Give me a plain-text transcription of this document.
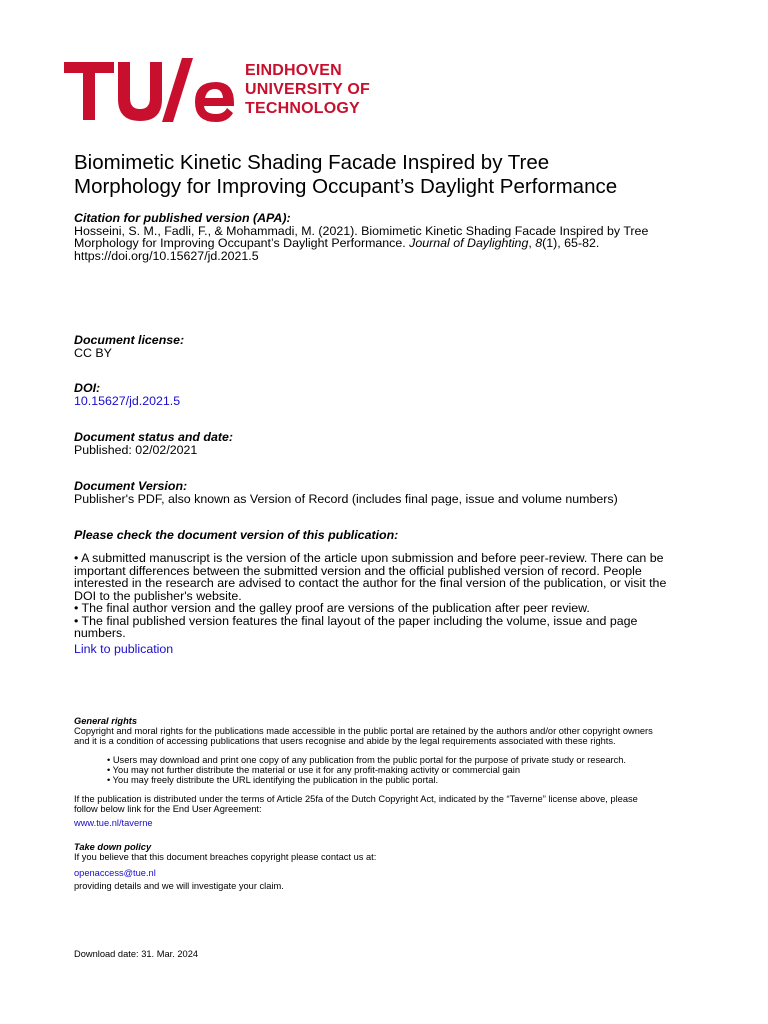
EINDHOVEN
UNIVERSITY OF
TECHNOLOGY
Biomimetic Kinetic Shading Facade Inspired by Tree
Morphology for Improving Occupant’s Daylight Performance
Citation for published version (APA):
Hosseini, S. M., Fadli, F., & Mohammadi, M. (2021). Biomimetic Kinetic Shading Facade Inspired by Tree
Morphology for Improving Occupant’s Daylight Performance. Journal of Daylighting, 8(1), 65-82.
https://doi.org/10.15627/jd.2021.5
Document license:
CC BY
DOI:
10.15627/jd.2021.5
Document status and date:
Published: 02/02/2021
Document Version:
Publisher's PDF, also known as Version of Record (includes final page, issue and volume numbers)
Please check the document version of this publication:
• A submitted manuscript is the version of the article upon submission and before peer-review. There can be
important differences between the submitted version and the official published version of record. People
interested in the research are advised to contact the author for the final version of the publication, or visit the
DOI to the publisher's website.
• The final author version and the galley proof are versions of the publication after peer review.
• The final published version features the final layout of the paper including the volume, issue and page
numbers.
Link to publication
General rights
Copyright and moral rights for the publications made accessible in the public portal are retained by the authors and/or other copyright owners
and it is a condition of accessing publications that users recognise and abide by the legal requirements associated with these rights.
• Users may download and print one copy of any publication from the public portal for the purpose of private study or research.
• You may not further distribute the material or use it for any profit-making activity or commercial gain
• You may freely distribute the URL identifying the publication in the public portal.
If the publication is distributed under the terms of Article 25fa of the Dutch Copyright Act, indicated by the “Taverne” license above, please
follow below link for the End User Agreement:
www.tue.nl/taverne
Take down policy
If you believe that this document breaches copyright please contact us at:
openaccess@tue.nl
providing details and we will investigate your claim.
Download date: 31. Mar. 2024
